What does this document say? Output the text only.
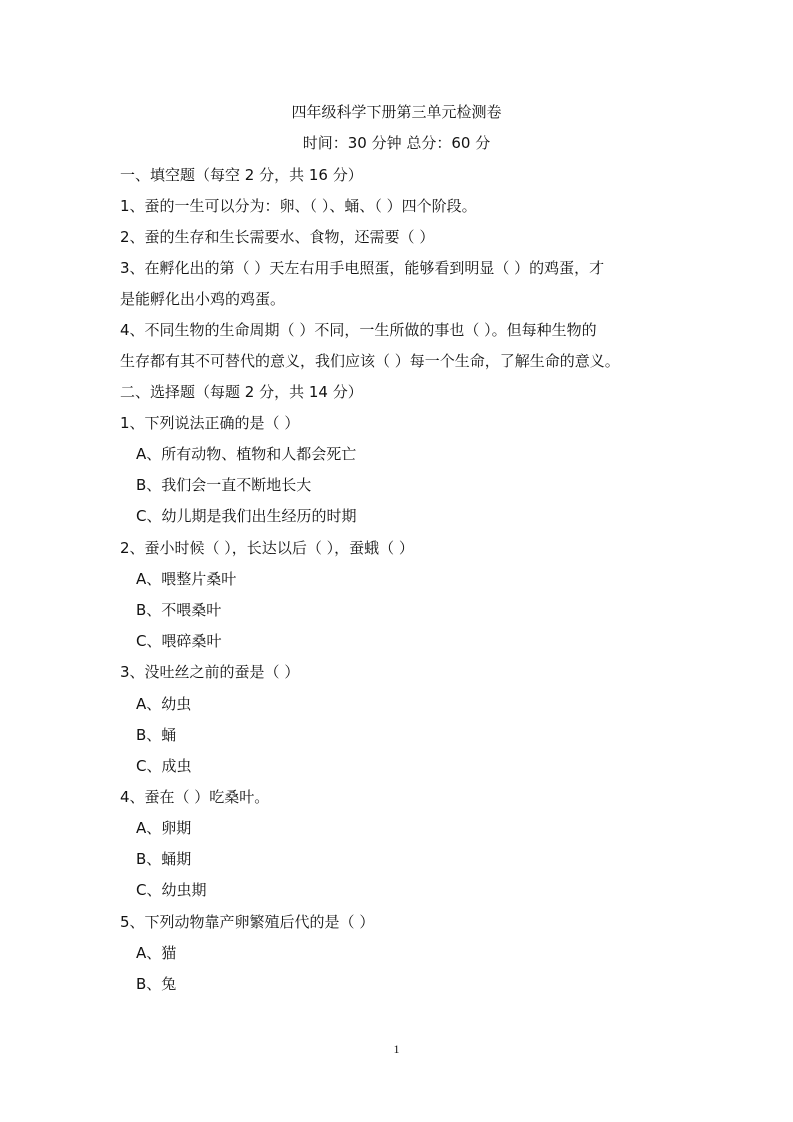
四年级科学下册第三单元检测卷
时间：30 分钟 总分：60 分
一、填空题（每空 2 分，共 16 分）
1、蚕的一生可以分为：卵、（ ）、蛹、（ ）四个阶段。
2、蚕的生存和生长需要水、食物，还需要（ ）
3、在孵化出的第（ ）天左右用手电照蛋，能够看到明显（ ）的鸡蛋，才
是能孵化出小鸡的鸡蛋。
4、不同生物的生命周期（ ）不同，一生所做的事也（ ）。但每种生物的
生存都有其不可替代的意义，我们应该（ ）每一个生命，了解生命的意义。
二、选择题（每题 2 分，共 14 分）
1、下列说法正确的是（ ）
A、所有动物、植物和人都会死亡
B、我们会一直不断地长大
C、幼儿期是我们出生经历的时期
2、蚕小时候（ ），长达以后（ ），蚕蛾（ ）
A、喂整片桑叶
B、不喂桑叶
C、喂碎桑叶
3、没吐丝之前的蚕是（ ）
A、幼虫
B、蛹
C、成虫
4、蚕在（ ）吃桑叶。
A、卵期
B、蛹期
C、幼虫期
5、下列动物靠产卵繁殖后代的是（ ）
A、猫
B、兔
1
